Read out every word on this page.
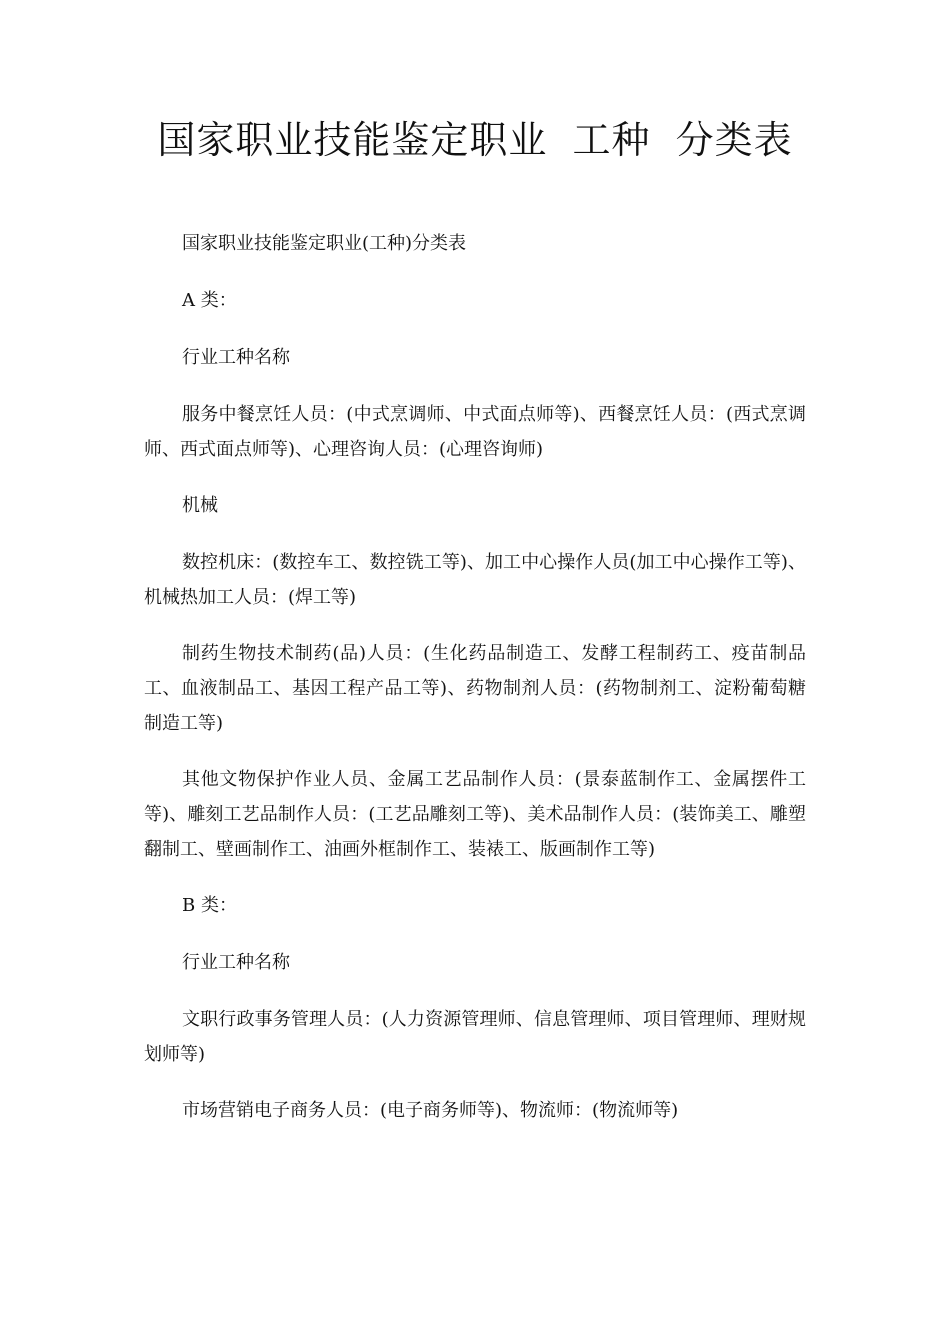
国家职业技能鉴定职业 工种 分类表

国家职业技能鉴定职业(工种)分类表

A 类：

行业工种名称

服务中餐烹饪人员：(中式烹调师、中式面点师等)、西餐烹饪人员：(西式烹调师、西式面点师等)、心理咨询人员：(心理咨询师)

机械

数控机床：(数控车工、数控铣工等)、加工中心操作人员(加工中心操作工等)、机械热加工人员：(焊工等)

制药生物技术制药(品)人员：(生化药品制造工、发酵工程制药工、疫苗制品工、血液制品工、基因工程产品工等)、药物制剂人员：(药物制剂工、淀粉葡萄糖制造工等)

其他文物保护作业人员、金属工艺品制作人员：(景泰蓝制作工、金属摆件工等)、雕刻工艺品制作人员：(工艺品雕刻工等)、美术品制作人员：(装饰美工、雕塑翻制工、壁画制作工、油画外框制作工、装裱工、版画制作工等)

B 类：

行业工种名称

文职行政事务管理人员：(人力资源管理师、信息管理师、项目管理师、理财规划师等)

市场营销电子商务人员：(电子商务师等)、物流师：(物流师等)
